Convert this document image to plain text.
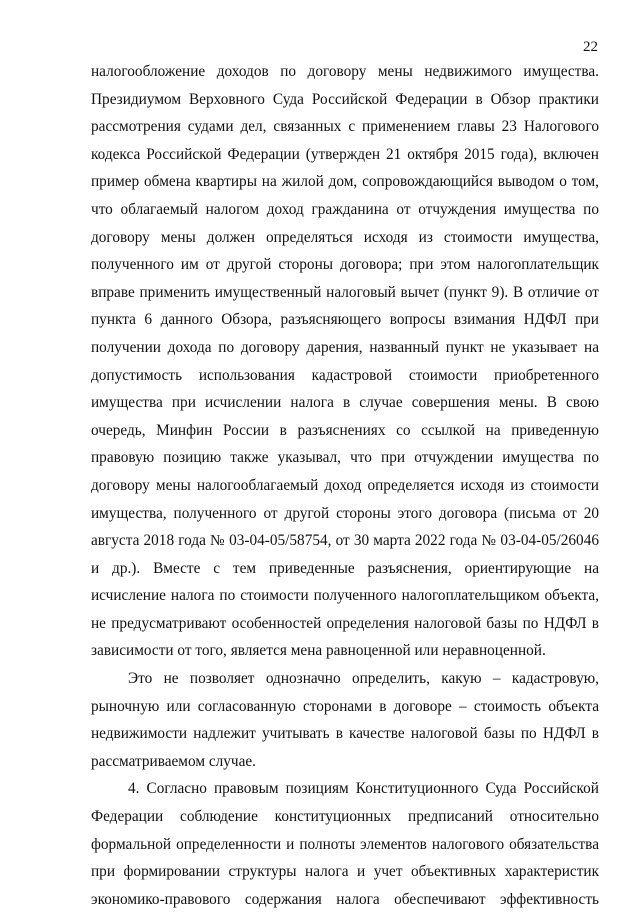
22
налогообложение доходов по договору мены недвижимого имущества.
Президиумом Верховного Суда Российской Федерации в Обзор практики
рассмотрения судами дел, связанных с применением главы 23 Налогового
кодекса Российской Федерации (утвержден 21 октября 2015 года), включен
пример обмена квартиры на жилой дом, сопровождающийся выводом о том,
что облагаемый налогом доход гражданина от отчуждения имущества по
договору мены должен определяться исходя из стоимости имущества,
полученного им от другой стороны договора; при этом налогоплательщик
вправе применить имущественный налоговый вычет (пункт 9). В отличие от
пункта 6 данного Обзора, разъясняющего вопросы взимания НДФЛ при
получении дохода по договору дарения, названный пункт не указывает на
допустимость использования кадастровой стоимости приобретенного
имущества при исчислении налога в случае совершения мены. В свою
очередь, Минфин России в разъяснениях со ссылкой на приведенную
правовую позицию также указывал, что при отчуждении имущества по
договору мены налогооблагаемый доход определяется исходя из стоимости
имущества, полученного от другой стороны этого договора (письма от 20
августа 2018 года № 03-04-05/58754, от 30 марта 2022 года № 03-04-05/26046
и др.). Вместе с тем приведенные разъяснения, ориентирующие на
исчисление налога по стоимости полученного налогоплательщиком объекта,
не предусматривают особенностей определения налоговой базы по НДФЛ в
зависимости от того, является мена равноценной или неравноценной.
Это не позволяет однозначно определить, какую – кадастровую,
рыночную или согласованную сторонами в договоре – стоимость объекта
недвижимости надлежит учитывать в качестве налоговой базы по НДФЛ в
рассматриваемом случае.
4. Согласно правовым позициям Конституционного Суда Российской
Федерации соблюдение конституционных предписаний относительно
формальной определенности и полноты элементов налогового обязательства
при формировании структуры налога и учет объективных характеристик
экономико-правового содержания налога обеспечивают эффективность
